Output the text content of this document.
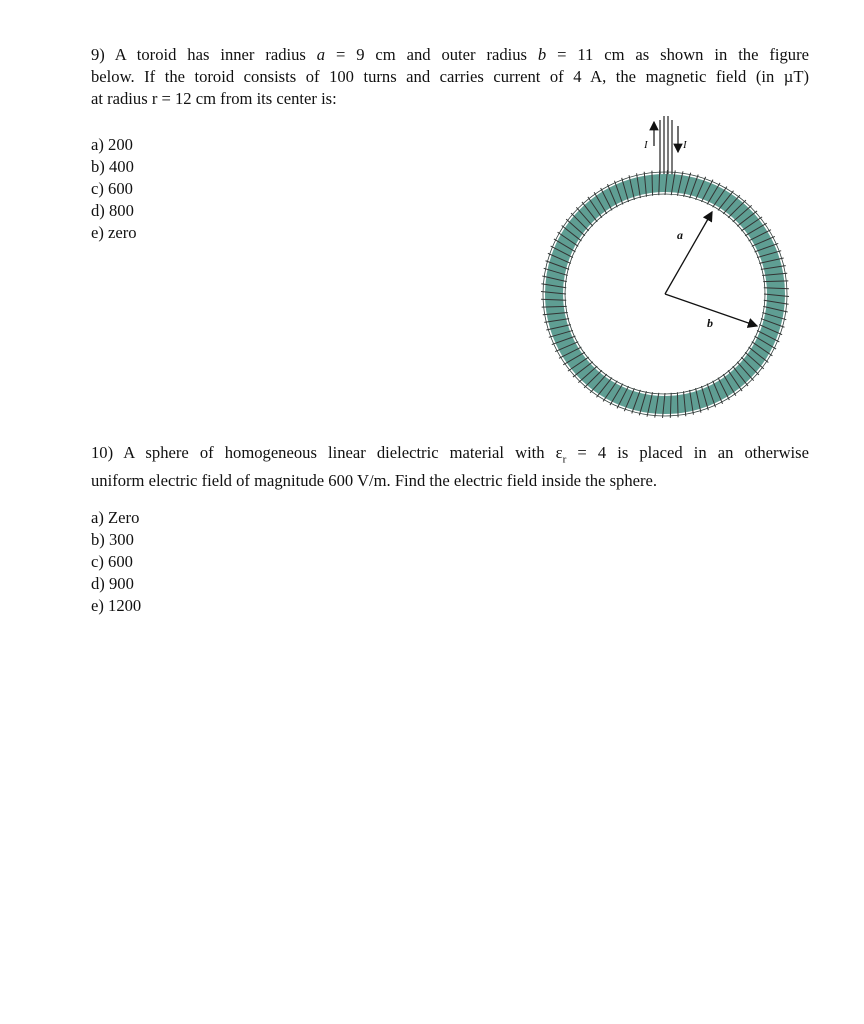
9) A toroid has inner radius a = 9 cm and outer radius b = 11 cm as shown in the figure
below. If the toroid consists of 100 turns and carries current of 4 A, the magnetic field (in µT)
at radius r = 12 cm from its center is:
a) 200
b) 400
c) 600
d) 800
e) zero
I	I
a
b
10) A sphere of homogeneous linear dielectric material with $\varepsilon_r = 4$ is placed in an otherwise
uniform electric field of magnitude 600 V/m. Find the electric field inside the sphere.
a) Zero
b) 300
c) 600
d) 900
e) 1200
